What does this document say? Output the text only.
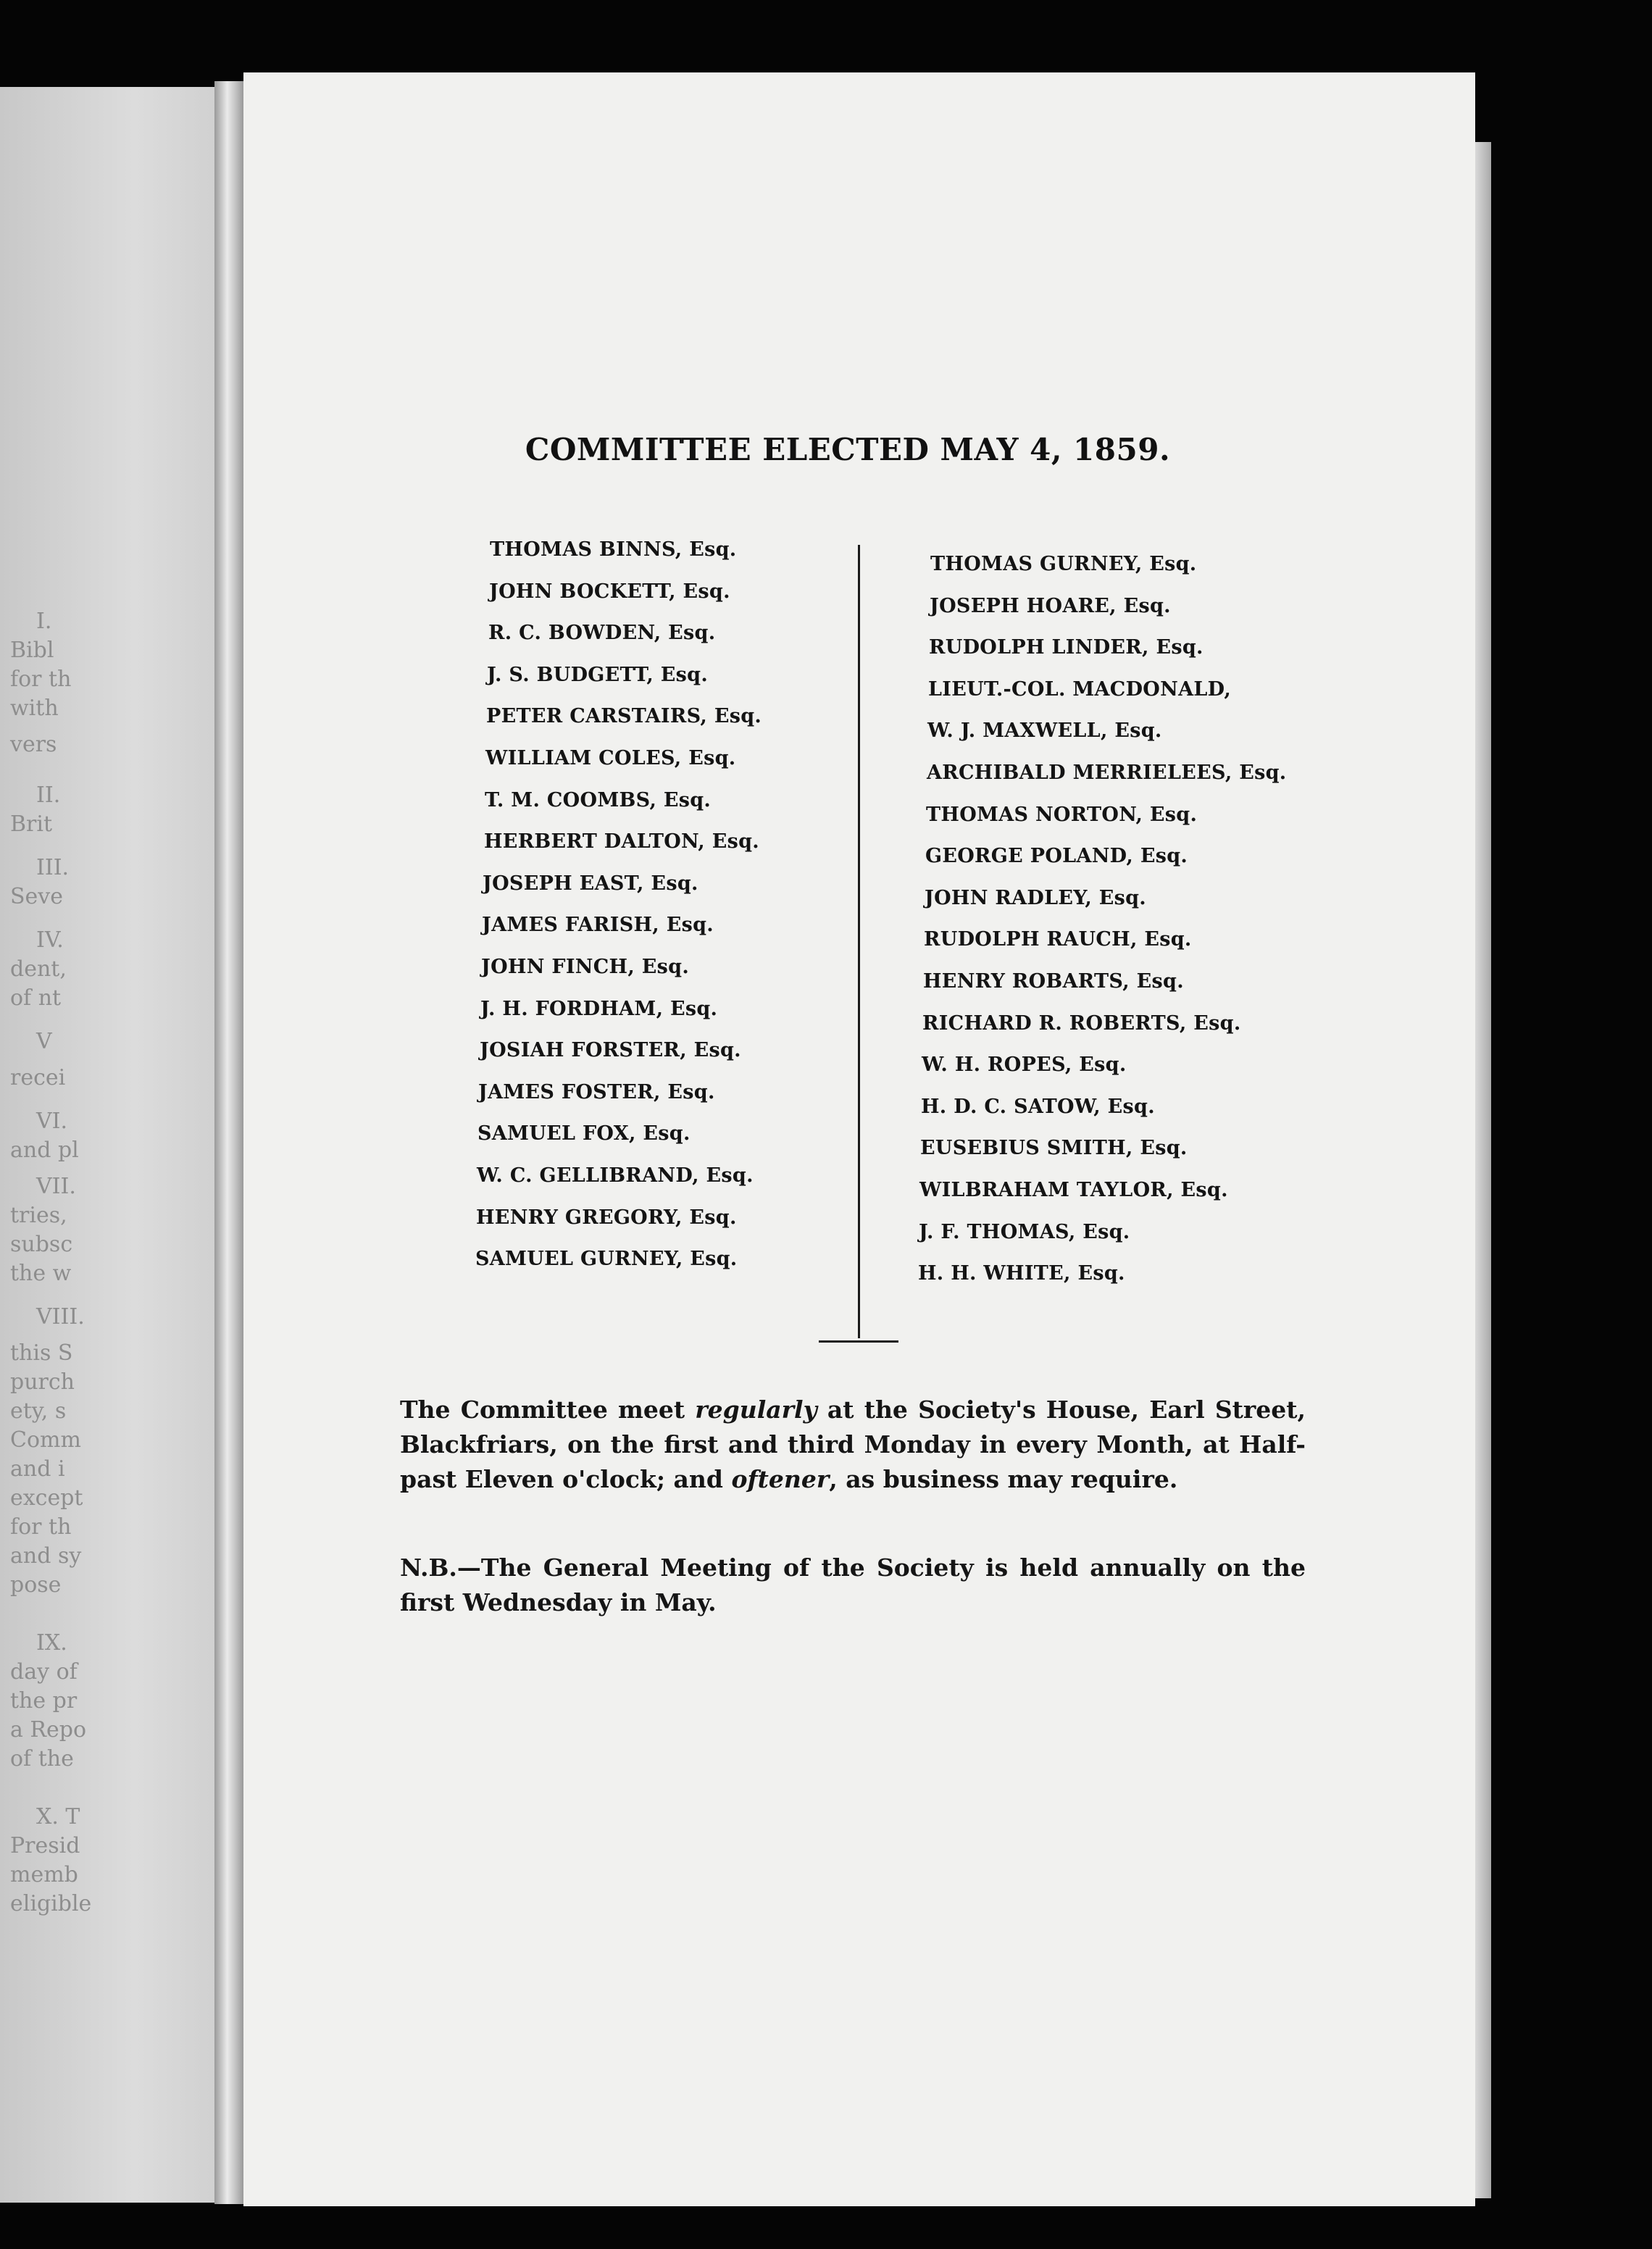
I.
Bibl
for th
with
vers
II.
Brit
III.
Seve
IV.
dent,
of nt
V
recei
VI.
and pl
VII.
tries,
subsc
the w
VIII.
this S
purch
ety, s
Comm
and i
except
for th
and sy
pose
IX.
day of
the pr
a Repo
of the
X. T
Presid
memb
eligible
COMMITTEE ELECTED MAY 4, 1859.
THOMAS BINNS, Esq.
JOHN BOCKETT, Esq.
R. C. BOWDEN, Esq.
J. S. BUDGETT, Esq.
PETER CARSTAIRS, Esq.
WILLIAM COLES, Esq.
T. M. COOMBS, Esq.
HERBERT DALTON, Esq.
JOSEPH EAST, Esq.
JAMES FARISH, Esq.
JOHN FINCH, Esq.
J. H. FORDHAM, Esq.
JOSIAH FORSTER, Esq.
JAMES FOSTER, Esq.
SAMUEL FOX, Esq.
W. C. GELLIBRAND, Esq.
HENRY GREGORY, Esq.
SAMUEL GURNEY, Esq.
THOMAS GURNEY, Esq.
JOSEPH HOARE, Esq.
RUDOLPH LINDER, Esq.
LIEUT.-COL. MACDONALD,
W. J. MAXWELL, Esq.
ARCHIBALD MERRIELEES, Esq.
THOMAS NORTON, Esq.
GEORGE POLAND, Esq.
JOHN RADLEY, Esq.
RUDOLPH RAUCH, Esq.
HENRY ROBARTS, Esq.
RICHARD R. ROBERTS, Esq.
W. H. ROPES, Esq.
H. D. C. SATOW, Esq.
EUSEBIUS SMITH, Esq.
WILBRAHAM TAYLOR, Esq.
J. F. THOMAS, Esq.
H. H. WHITE, Esq.
The Committee meet regularly at the Society's House, Earl Street, Blackfriars, on the first and third Monday in every Month, at Half-past Eleven o'clock; and oftener, as business may require.
N.B.—The General Meeting of the Society is held annually on the first Wednesday in May.
